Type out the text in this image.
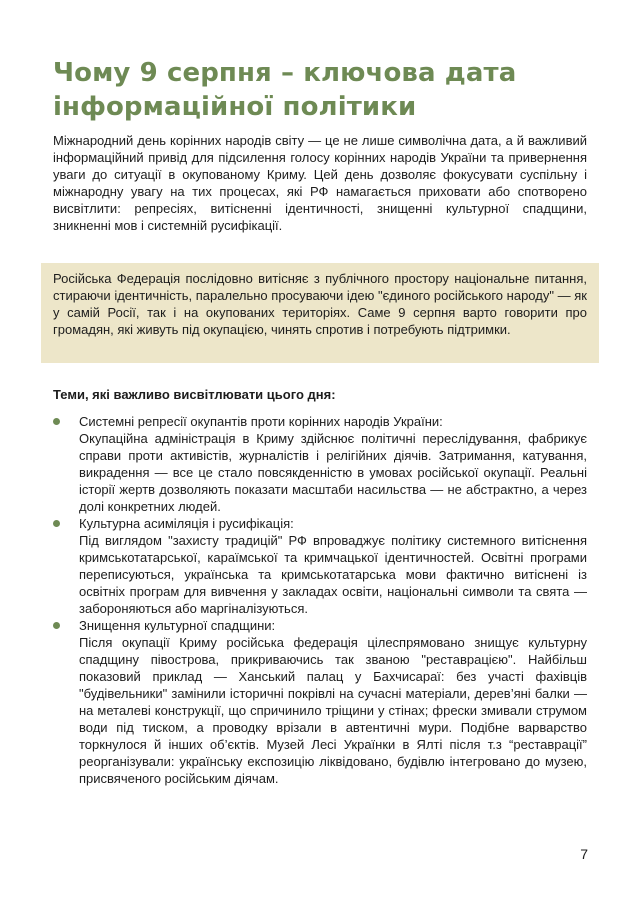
Чому 9 серпня – ключова дата інформаційної політики

Міжнародний день корінних народів світу — це не лише символічна дата, а й важливий інформаційний привід для підсилення голосу корінних народів України та привернення уваги до ситуації в окупованому Криму. Цей день дозволяє фокусувати суспільну і міжнародну увагу на тих процесах, які РФ намагається приховати або спотворено висвітлити: репресіях, витісненні ідентичності, знищенні культурної спадщини, зникненні мов і системній русифікації.

Російська Федерація послідовно витісняє з публічного простору національне питання, стираючи ідентичність, паралельно просуваючи ідею "єдиного російського народу" — як у самій Росії, так і на окупованих територіях. Саме 9 серпня варто говорити про громадян, які живуть під окупацією, чинять спротив і потребують підтримки.

Теми, які важливо висвітлювати цього дня:

Системні репресії окупантів проти корінних народів України:
Окупаційна адміністрація в Криму здійснює політичні переслідування, фабрикує справи проти активістів, журналістів і релігійних діячів. Затримання, катування, викрадення — все це стало повсякденністю в умовах російської окупації. Реальні історії жертв дозволяють показати масштаби насильства — не абстрактно, а через долі конкретних людей.
Культурна асиміляція і русифікація:
Під виглядом "захисту традицій" РФ впроваджує політику системного витіснення кримськотатарської, караїмської та кримчацької ідентичностей. Освітні програми переписуються, українська та кримськотатарська мови фактично витіснені із освітніх програм для вивчення у закладах освіти, національні символи та свята — забороняються або маргіналізуються.
Знищення культурної спадщини:
Після окупації Криму російська федерація цілеспрямовано знищує культурну спадщину півострова, прикриваючись так званою "реставрацією". Найбільш показовий приклад — Ханський палац у Бахчисараї: без участі фахівців "будівельники" замінили історичні покрівлі на сучасні матеріали, дерев’яні балки — на металеві конструкції, що спричинило тріщини у стінах; фрески змивали струмом води під тиском, а проводку врізали в автентичні мури. Подібне варварство торкнулося й інших об’єктів. Музей Лесі Українки в Ялті після т.з “реставрації” реорганізували: українську експозицію ліквідовано, будівлю інтегровано до музею, присвяченого російським діячам.
7
